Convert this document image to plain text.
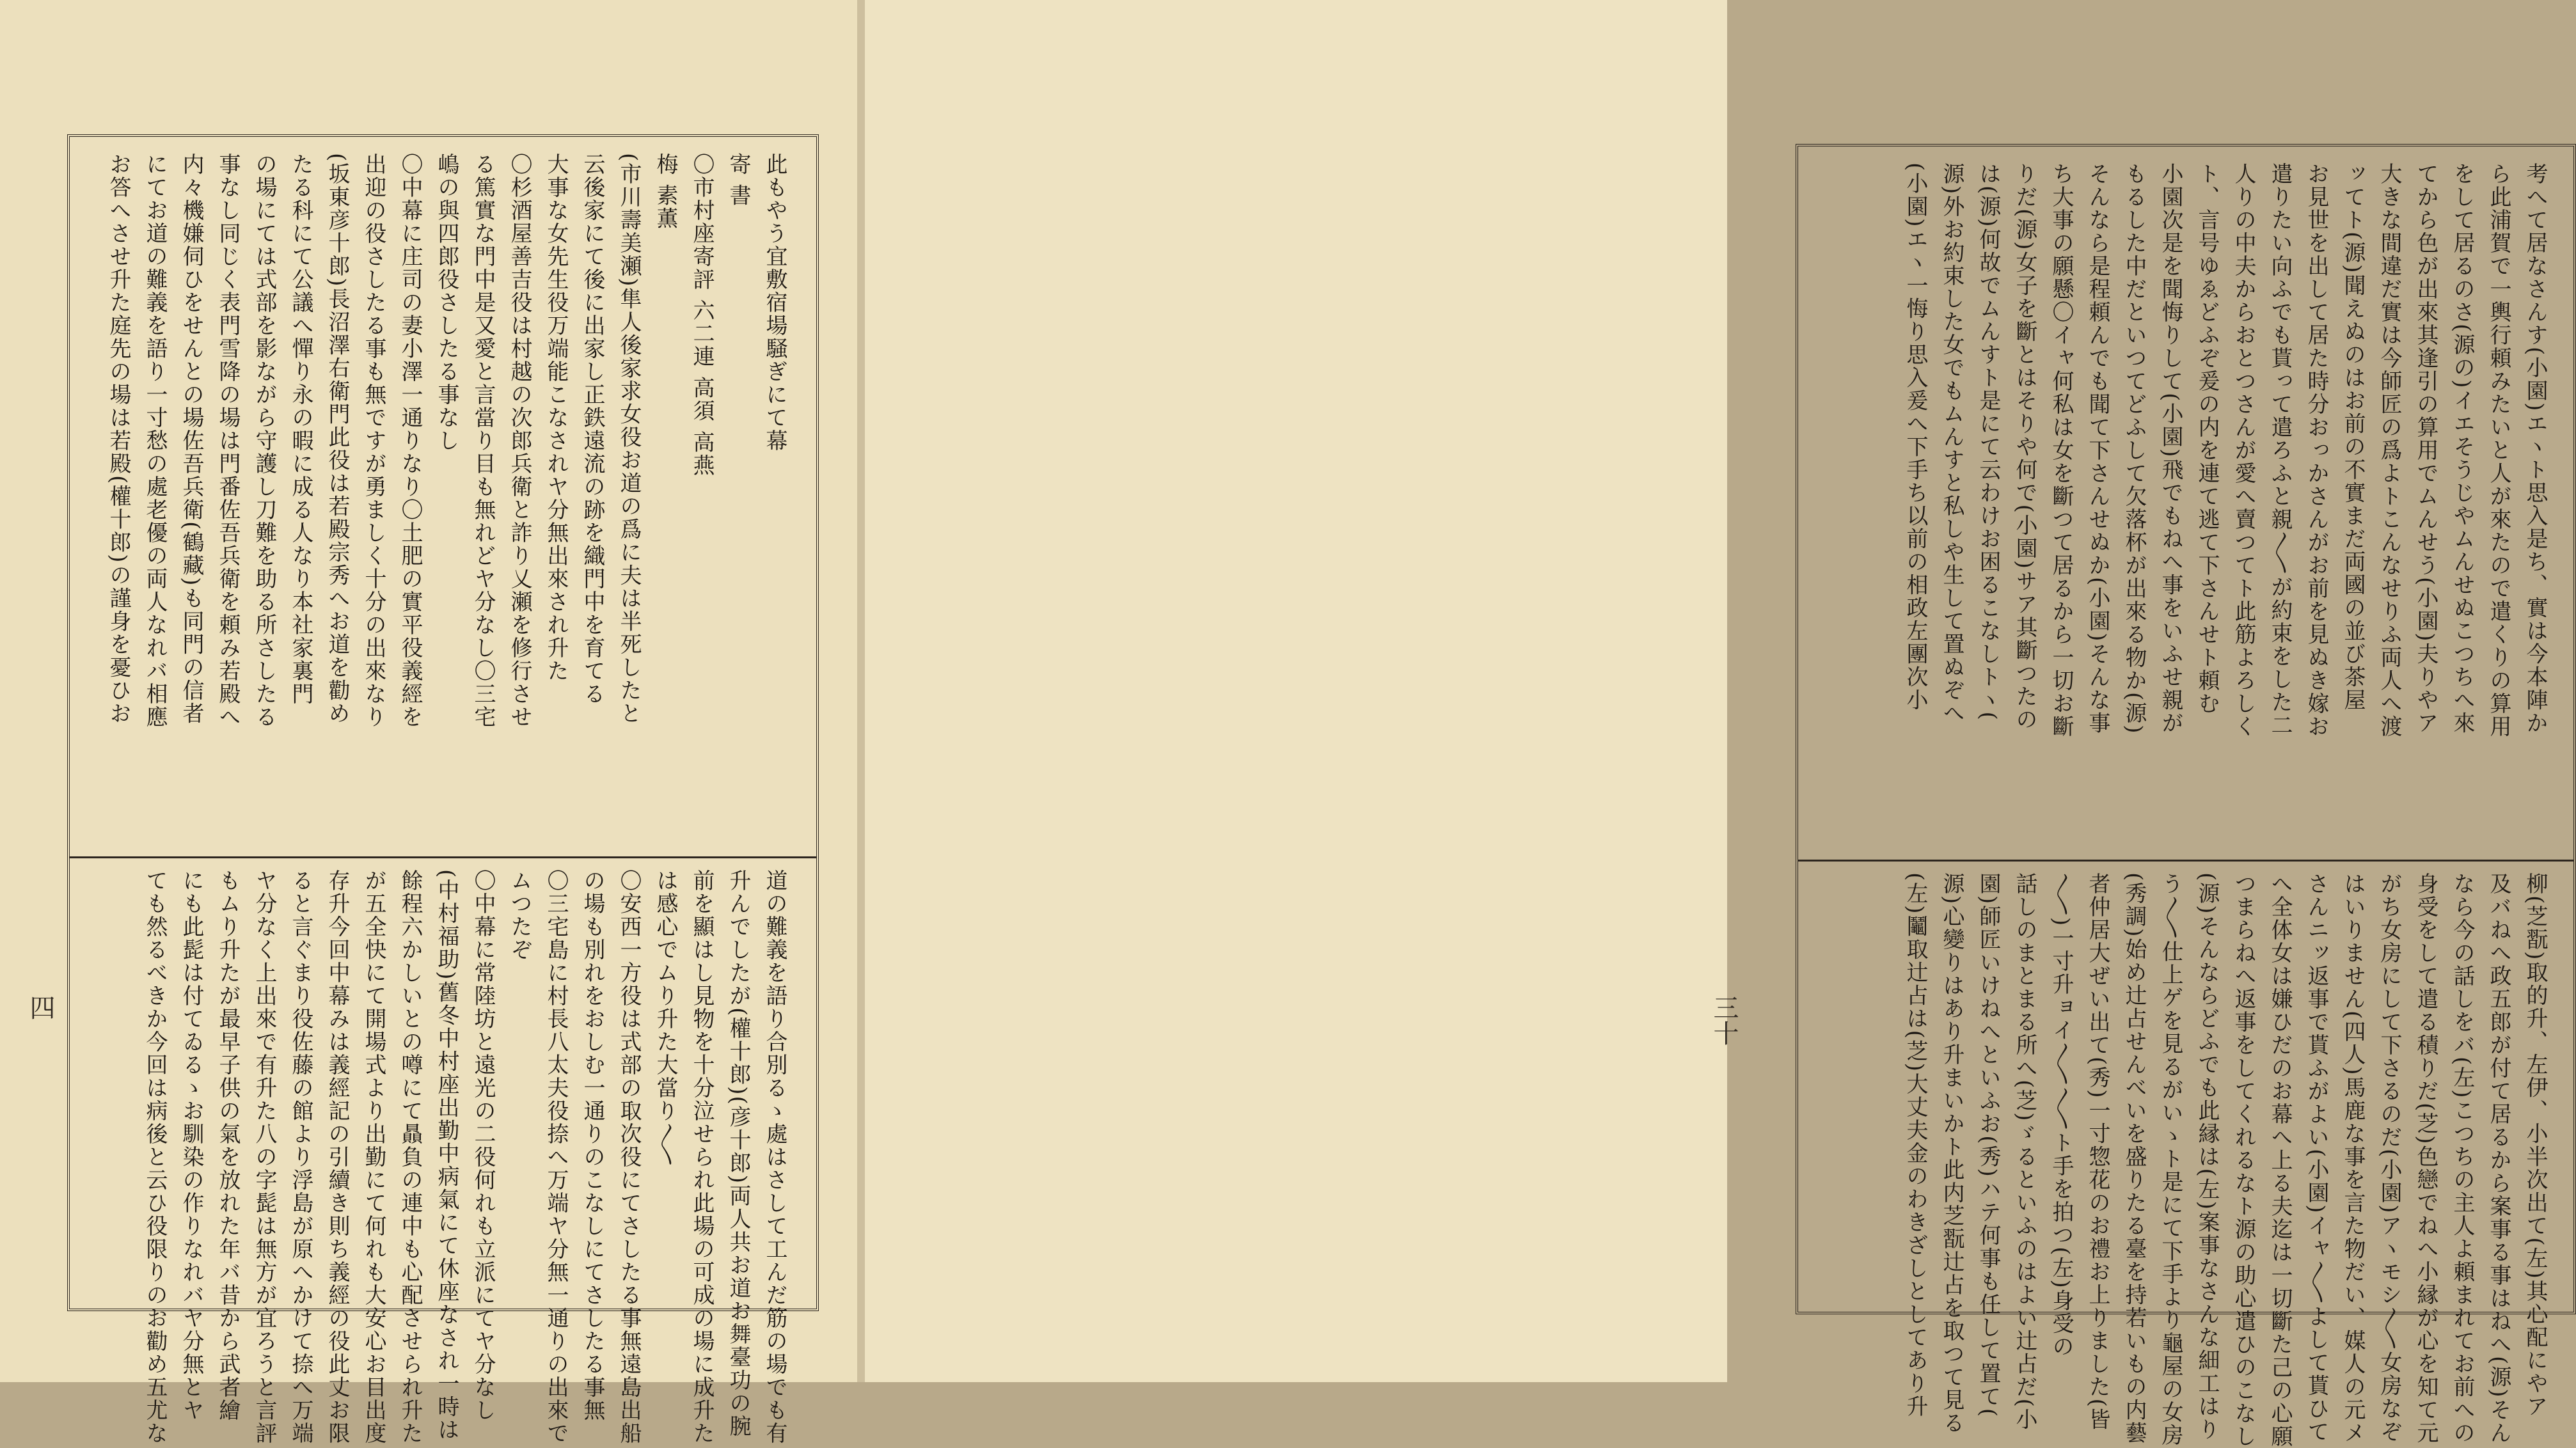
此もやう宜敷宿場騒ぎにて幕
寄 書
〇市村座寄評 六二連 高須 高燕
梅 素薫
(市川壽美瀬)隼人後家求女役お道の爲に夫は半死したと
云後家にて後に出家し正鉄遠流の跡を織門中を育てる
大事な女先生役万端能こなされヤ分無出來され升た
〇杉酒屋善吉役は村越の次郎兵衛と詐り乂瀬を修行させ
る篤實な門中是又愛と言當り目も無れどヤ分なし〇三宅
嶋の與四郎役さしたる事なし
〇中幕に庄司の妻小澤一通りなり〇土肥の實平役義經を
出迎の役さしたる事も無ですが勇ましく十分の出來なり
(坂東彦十郎)長沼澤右衛門此役は若殿宗秀へお道を勸め
たる科にて公議へ憚り永の暇に成る人なり本社家裏門
の場にては式部を影ながら守護し刀難を助る所さしたる
事なし同じく表門雪降の場は門番佐吾兵衛を頼み若殿へ
内々機嫌伺ひをせんとの場佐吾兵衛(鶴藏)も同門の信者
にてお道の難義を語り一寸愁の處老優の両人なれバ相應
お答へさせ升た庭先の場は若殿(權十郎)の謹身を憂ひお
道の難義を語り合別るゝ處はさして工んだ筋の場でも有
升んでしたが(權十郎)(彦十郎)両人共お道お舞臺功の腕
前を顯はし見物を十分泣せられ此場の可成の場に成升た
は感心でムり升た大當り〳〵
〇安西一方役は式部の取次役にてさしたる事無遠島出船
の場も別れをおしむ一通りのこなしにてさしたる事無
〇三宅島に村長八太夫役捺へ万端ヤ分無一通りの出來で
ムつたぞ
〇中幕に常陸坊と遠光の二役何れも立派にてヤ分なし
(中村福助)舊冬中村座出勤中病氣にて休座なされ一時は
餘程六かしいとの噂にて贔負の連中も心配させられ升た
が五全快にて開場式より出勤にて何れも大安心お目出度
存升今回中幕みは義經記の引續き則ち義經の役此丈お限
ると言ぐまり役佐藤の館より浮島が原へかけて捺へ万端
ヤ分なく上出來で有升た八の字髭は無方が宜ろうと言評
もムり升たが最早子供の氣を放れた年バ昔から武者繪
にも此髭は付てゐるゝお馴染の作りなれバヤ分無とヤ
ても然るべきか今回は病後と云ひ役限りのお勸め五尤な
四
考へて居なさんす(小園)エヽト思入是ち、實は今本陣か
ら此浦賀で一輿行頼みたいと人が來たので遣くりの算用
をして居るのさ(源の)イエそうじやムんせぬこつちへ來
てから色が出來其逢引の算用でムんせう(小園)夫りやア
大きな間違だ實は今師匠の爲よトこんなせりふ両人へ渡
ッてト(源)聞えぬのはお前の不實まだ両國の並び茶屋
お見世を出して居た時分おっかさんがお前を見ぬき嫁お
遣りたい向ふでも貰って遣ろふと親〳〵が約束をした二
人りの中夫からおとつさんが愛へ賣つてト此筋よろしく
ト、言号ゆゑどふぞ爰の内を連て逃て下さんせト頼む
小園次是を聞悔りして(小園)飛でもねへ事をいふせ親が
もるした中だといつてどふして欠落杯が出來る物か(源)
そんなら是程頼んでも聞て下さんせぬか(小園)そんな事
ち大事の願懸〇イャ何私は女を斷つて居るから一切お斷
りだ(源)女子を斷とはそりや何で(小園)サア其斷つたの
は(源)何故でムんすト是にて云わけお困るこなしトヽ(
源)外お約束した女でもムんすと私しや生して置ぬぞへ
(小園)エヽ一悔り思入爰へ下手ち以前の相政左團次小
柳(芝翫)取的升、左伊、小半次出て(左)其心配にやア
及バねへ政五郎が付て居るから案事る事はねへ(源)そん
なら今の話しをバ(左)こつちの主人よ頼まれてお前への
身受をして遣る積りだ(芝)色戀でねへ小縁が心を知て元
がち女房にして下さるのだ(小園)アヽモシ〳〵女房なぞ
はいりません(四人)馬鹿な事を言た物だい、媒人の元メ
さんニッ返事で貰ふがよい(小園)イャ〳〵よして貰ひて
へ全体女は嫌ひだのお幕へ上る夫迄は一切斷た己の心願
つまらねへ返事をしてくれるなト源の助心遣ひのこなし
(源)そんならどふでも此縁は(左)案事なさんな細工はり
う〳〵仕上ゲを見るがいゝト是にて下手より龜屋の女房
(秀調)始め辻占せんべいを盛りたる臺を持若いもの内藝
者仲居大ぜい出て(秀)一寸惣花のお禮お上りました(皆
〳〵)一寸升ョイ〳〵〳〵ト手を拍つ(左)身受の
話しのまとまる所へ(芝)ゞるといふのはよい辻占だ(小
園)師匠いけねへといふお(秀)ハテ何事も任して置て(
源)心變りはあり升まいかト此内芝翫辻占を取つて見る
(左)鬮取辻占は(芝)大丈夫金のわきざしとしてあり升
三十
